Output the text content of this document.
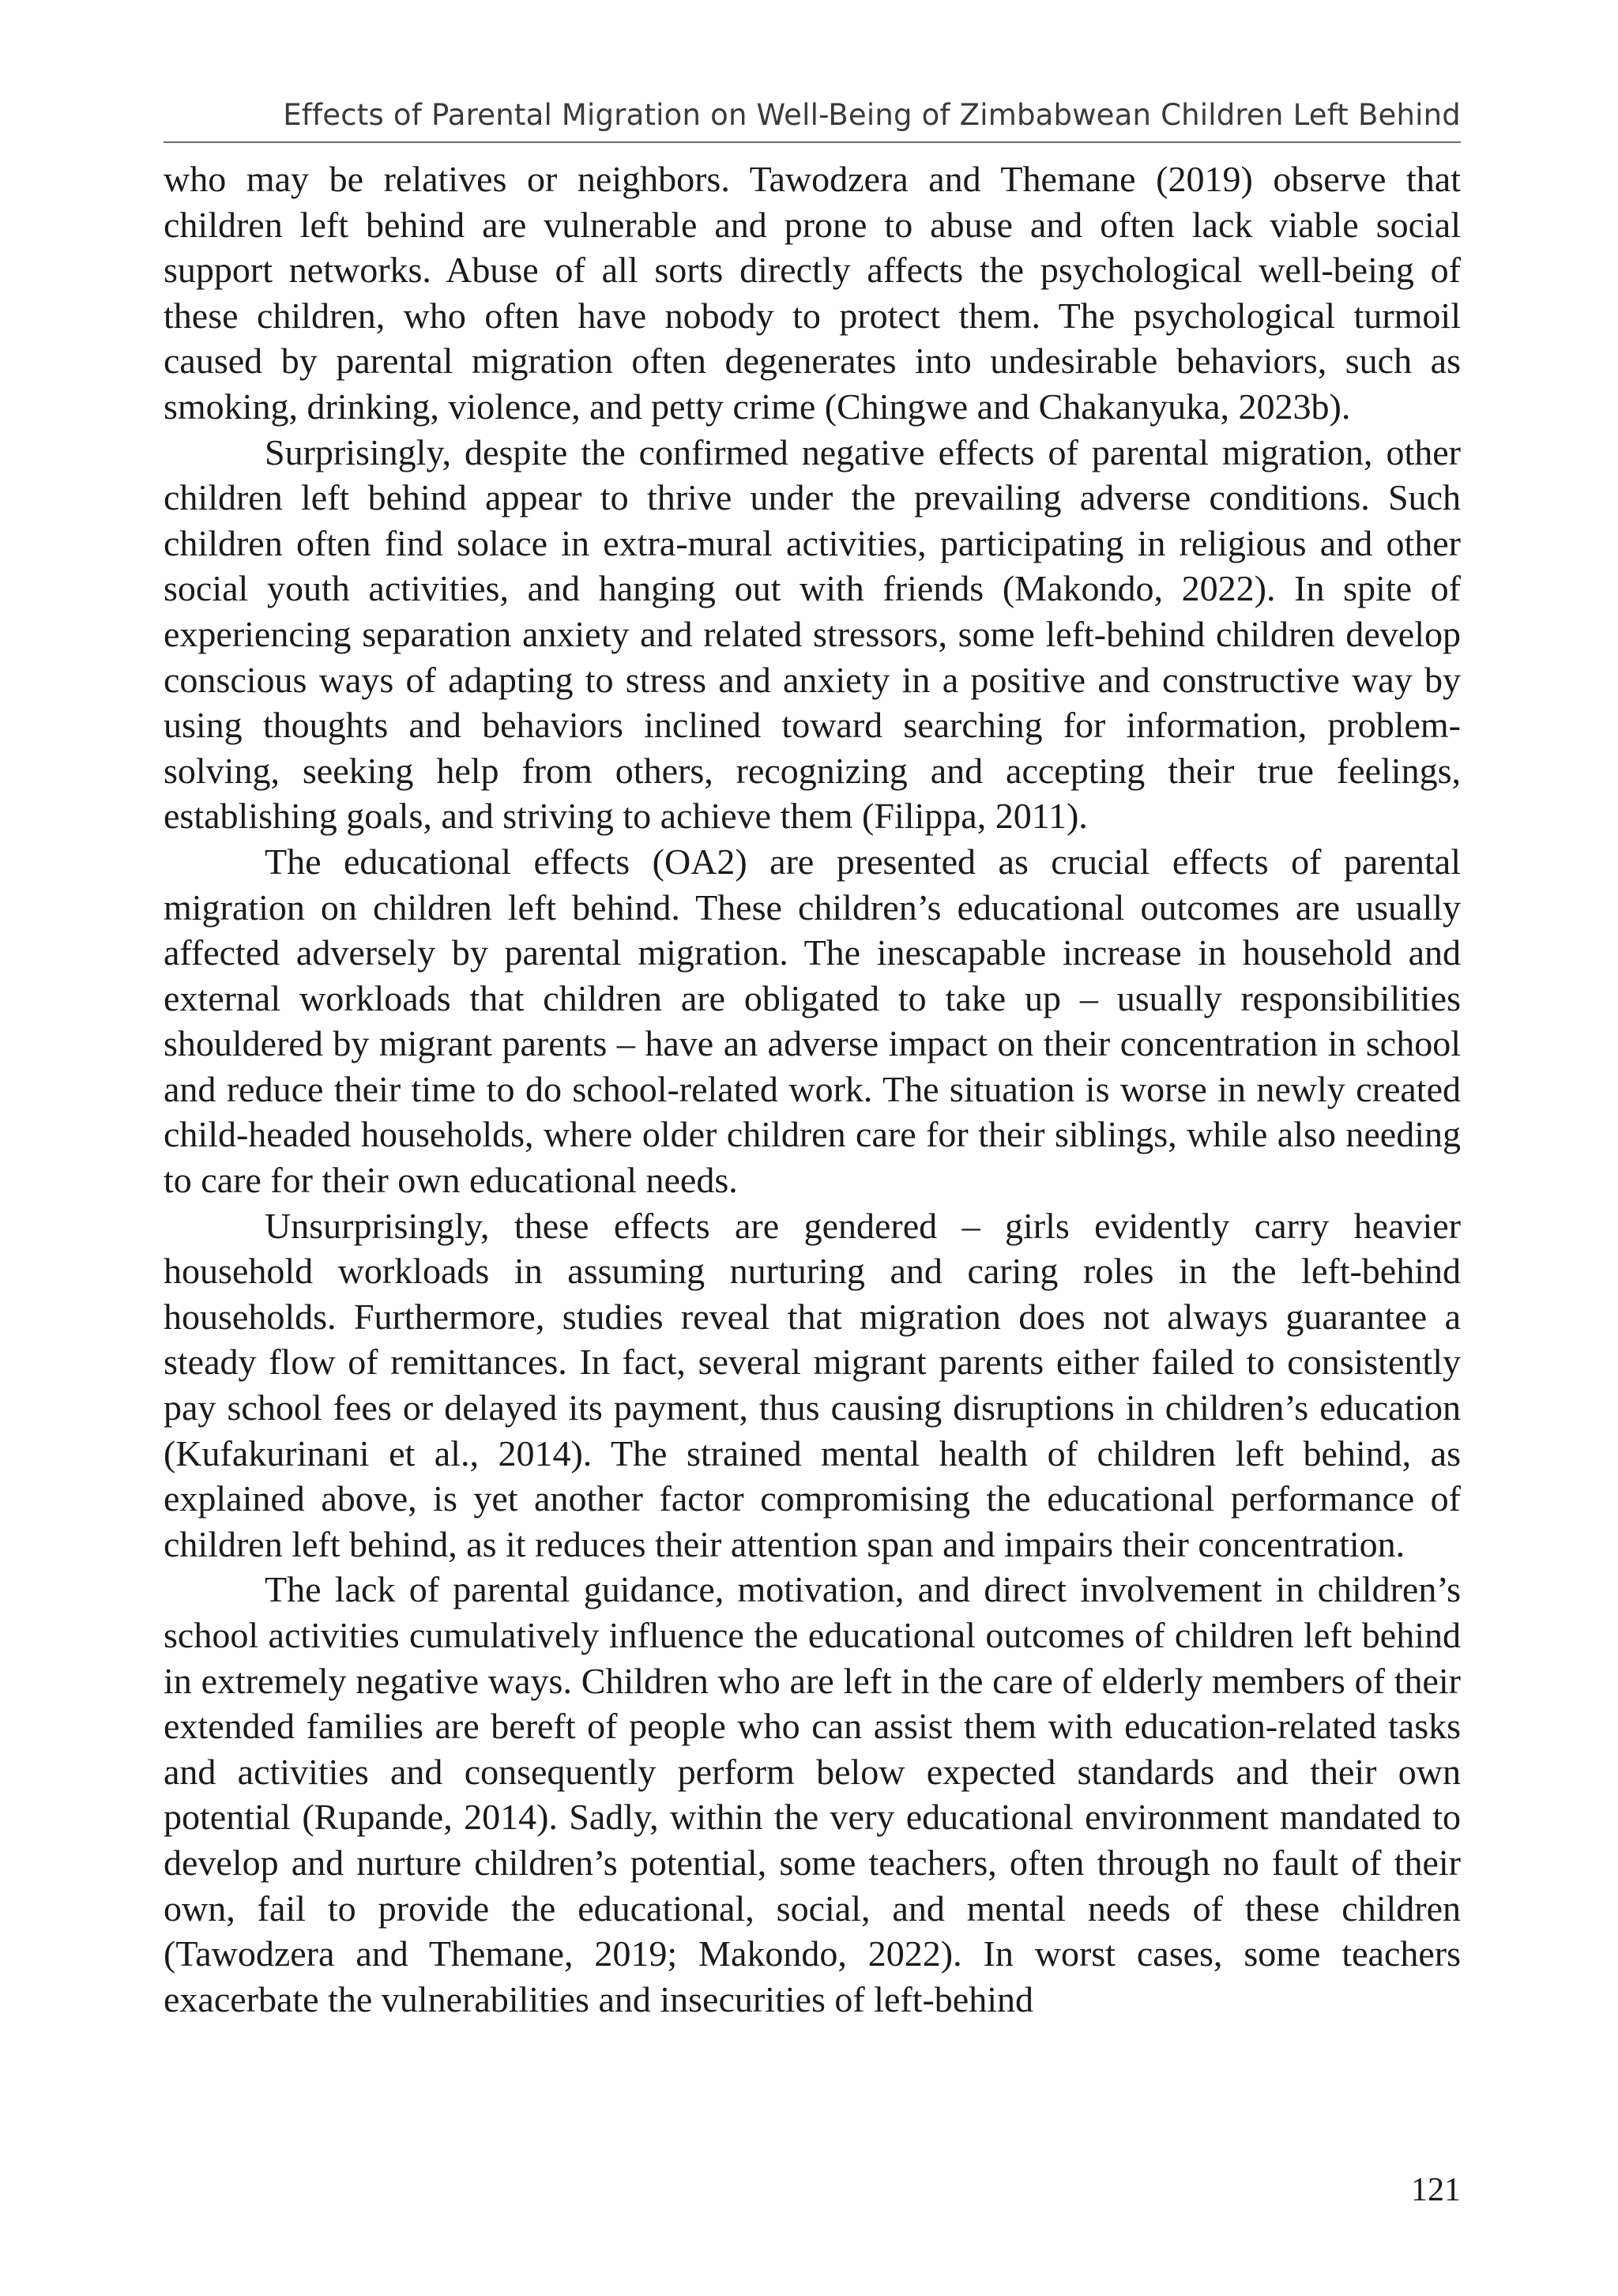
Effects of Parental Migration on Well-Being of Zimbabwean Children Left Behind

who may be relatives or neighbors. Tawodzera and Themane (2019) observe that children left behind are vulnerable and prone to abuse and often lack viable social support networks. Abuse of all sorts directly affects the psychological well-being of these children, who often have nobody to protect them. The psychological turmoil caused by parental migration often degenerates into undesirable behaviors, such as smoking, drinking, violence, and petty crime (Chingwe and Chakanyuka, 2023b).

Surprisingly, despite the confirmed negative effects of parental migration, other children left behind appear to thrive under the prevailing adverse conditions. Such children often find solace in extra-mural activities, participating in religious and other social youth activities, and hanging out with friends (Makondo, 2022). In spite of experiencing separation anxiety and related stressors, some left-behind children develop conscious ways of adapting to stress and anxiety in a positive and constructive way by using thoughts and behaviors inclined toward searching for information, problem-solving, seeking help from others, recognizing and accepting their true feelings, establishing goals, and striving to achieve them (Filippa, 2011).

The educational effects (OA2) are presented as crucial effects of parental migration on children left behind. These children’s educational outcomes are usually affected adversely by parental migration. The inescapable increase in household and external workloads that children are obligated to take up – usually responsibilities shouldered by migrant parents – have an adverse impact on their concentration in school and reduce their time to do school-related work. The situation is worse in newly created child-headed households, where older children care for their siblings, while also needing to care for their own educational needs.

Unsurprisingly, these effects are gendered – girls evidently carry heavier household workloads in assuming nurturing and caring roles in the left-behind households. Furthermore, studies reveal that migration does not always guarantee a steady flow of remittances. In fact, several migrant parents either failed to consistently pay school fees or delayed its payment, thus causing disruptions in children’s education (Kufakurinani et al., 2014). The strained mental health of children left behind, as explained above, is yet another factor compromising the educational performance of children left behind, as it reduces their attention span and impairs their concentration.

The lack of parental guidance, motivation, and direct involvement in children’s school activities cumulatively influence the educational outcomes of children left behind in extremely negative ways. Children who are left in the care of elderly members of their extended families are bereft of people who can assist them with education-related tasks and activities and consequently perform below expected standards and their own potential (Rupande, 2014). Sadly, within the very educational environment mandated to develop and nurture children’s potential, some teachers, often through no fault of their own, fail to provide the educational, social, and mental needs of these children (Tawodzera and Themane, 2019; Makondo, 2022). In worst cases, some teachers exacerbate the vulnerabilities and insecurities of left-behind

121
